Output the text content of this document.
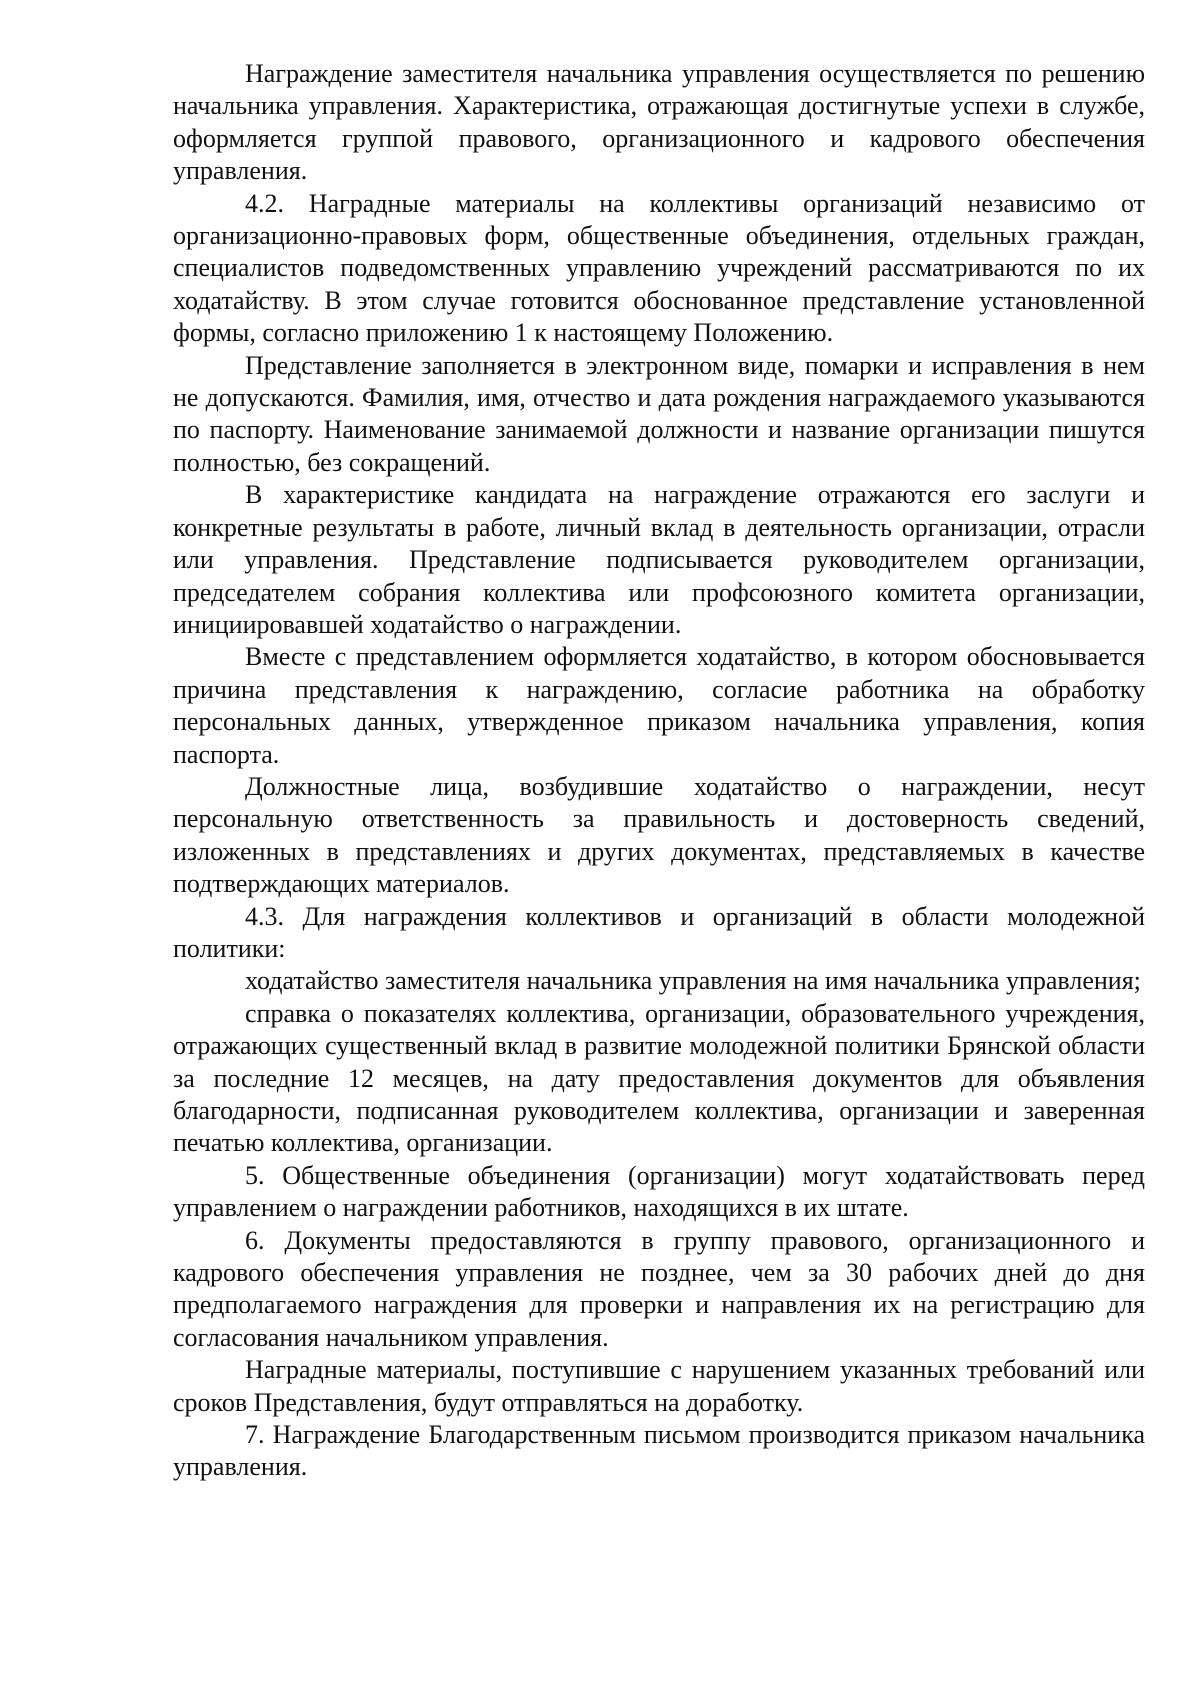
Награждение заместителя начальника управления осуществляется по решению начальника управления. Характеристика, отражающая достигнутые успехи в службе, оформляется группой правового, организационного и кадрового обеспечения управления.

4.2. Наградные материалы на коллективы организаций независимо от организационно-правовых форм, общественные объединения, отдельных граждан, специалистов подведомственных управлению учреждений рассматриваются по их ходатайству. В этом случае готовится обоснованное представление установленной формы, согласно приложению 1 к настоящему Положению.

Представление заполняется в электронном виде, помарки и исправления в нем не допускаются. Фамилия, имя, отчество и дата рождения награждаемого указываются по паспорту. Наименование занимаемой должности и название организации пишутся полностью, без сокращений.

В характеристике кандидата на награждение отражаются его заслуги и конкретные результаты в работе, личный вклад в деятельность организации, отрасли или управления. Представление подписывается руководителем организации, председателем собрания коллектива или профсоюзного комитета организации, инициировавшей ходатайство о награждении.

Вместе с представлением оформляется ходатайство, в котором обосновывается причина представления к награждению, согласие работника на обработку персональных данных, утвержденное приказом начальника управления, копия паспорта.

Должностные лица, возбудившие ходатайство о награждении, несут персональную ответственность за правильность и достоверность сведений, изложенных в представлениях и других документах, представляемых в качестве подтверждающих материалов.

4.3. Для награждения коллективов и организаций в области молодежной политики:

ходатайство заместителя начальника управления на имя начальника управления;

справка о показателях коллектива, организации, образовательного учреждения, отражающих существенный вклад в развитие молодежной политики Брянской области за последние 12 месяцев, на дату предоставления документов для объявления благодарности, подписанная руководителем коллектива, организации и заверенная печатью коллектива, организации.

5. Общественные объединения (организации) могут ходатайствовать перед управлением о награждении работников, находящихся в их штате.

6. Документы предоставляются в группу правового, организационного и кадрового обеспечения управления не позднее, чем за 30 рабочих дней до дня предполагаемого награждения для проверки и направления их на регистрацию для согласования начальником управления.

Наградные материалы, поступившие с нарушением указанных требований или сроков Представления, будут отправляться на доработку.

7. Награждение Благодарственным письмом производится приказом начальника управления.
